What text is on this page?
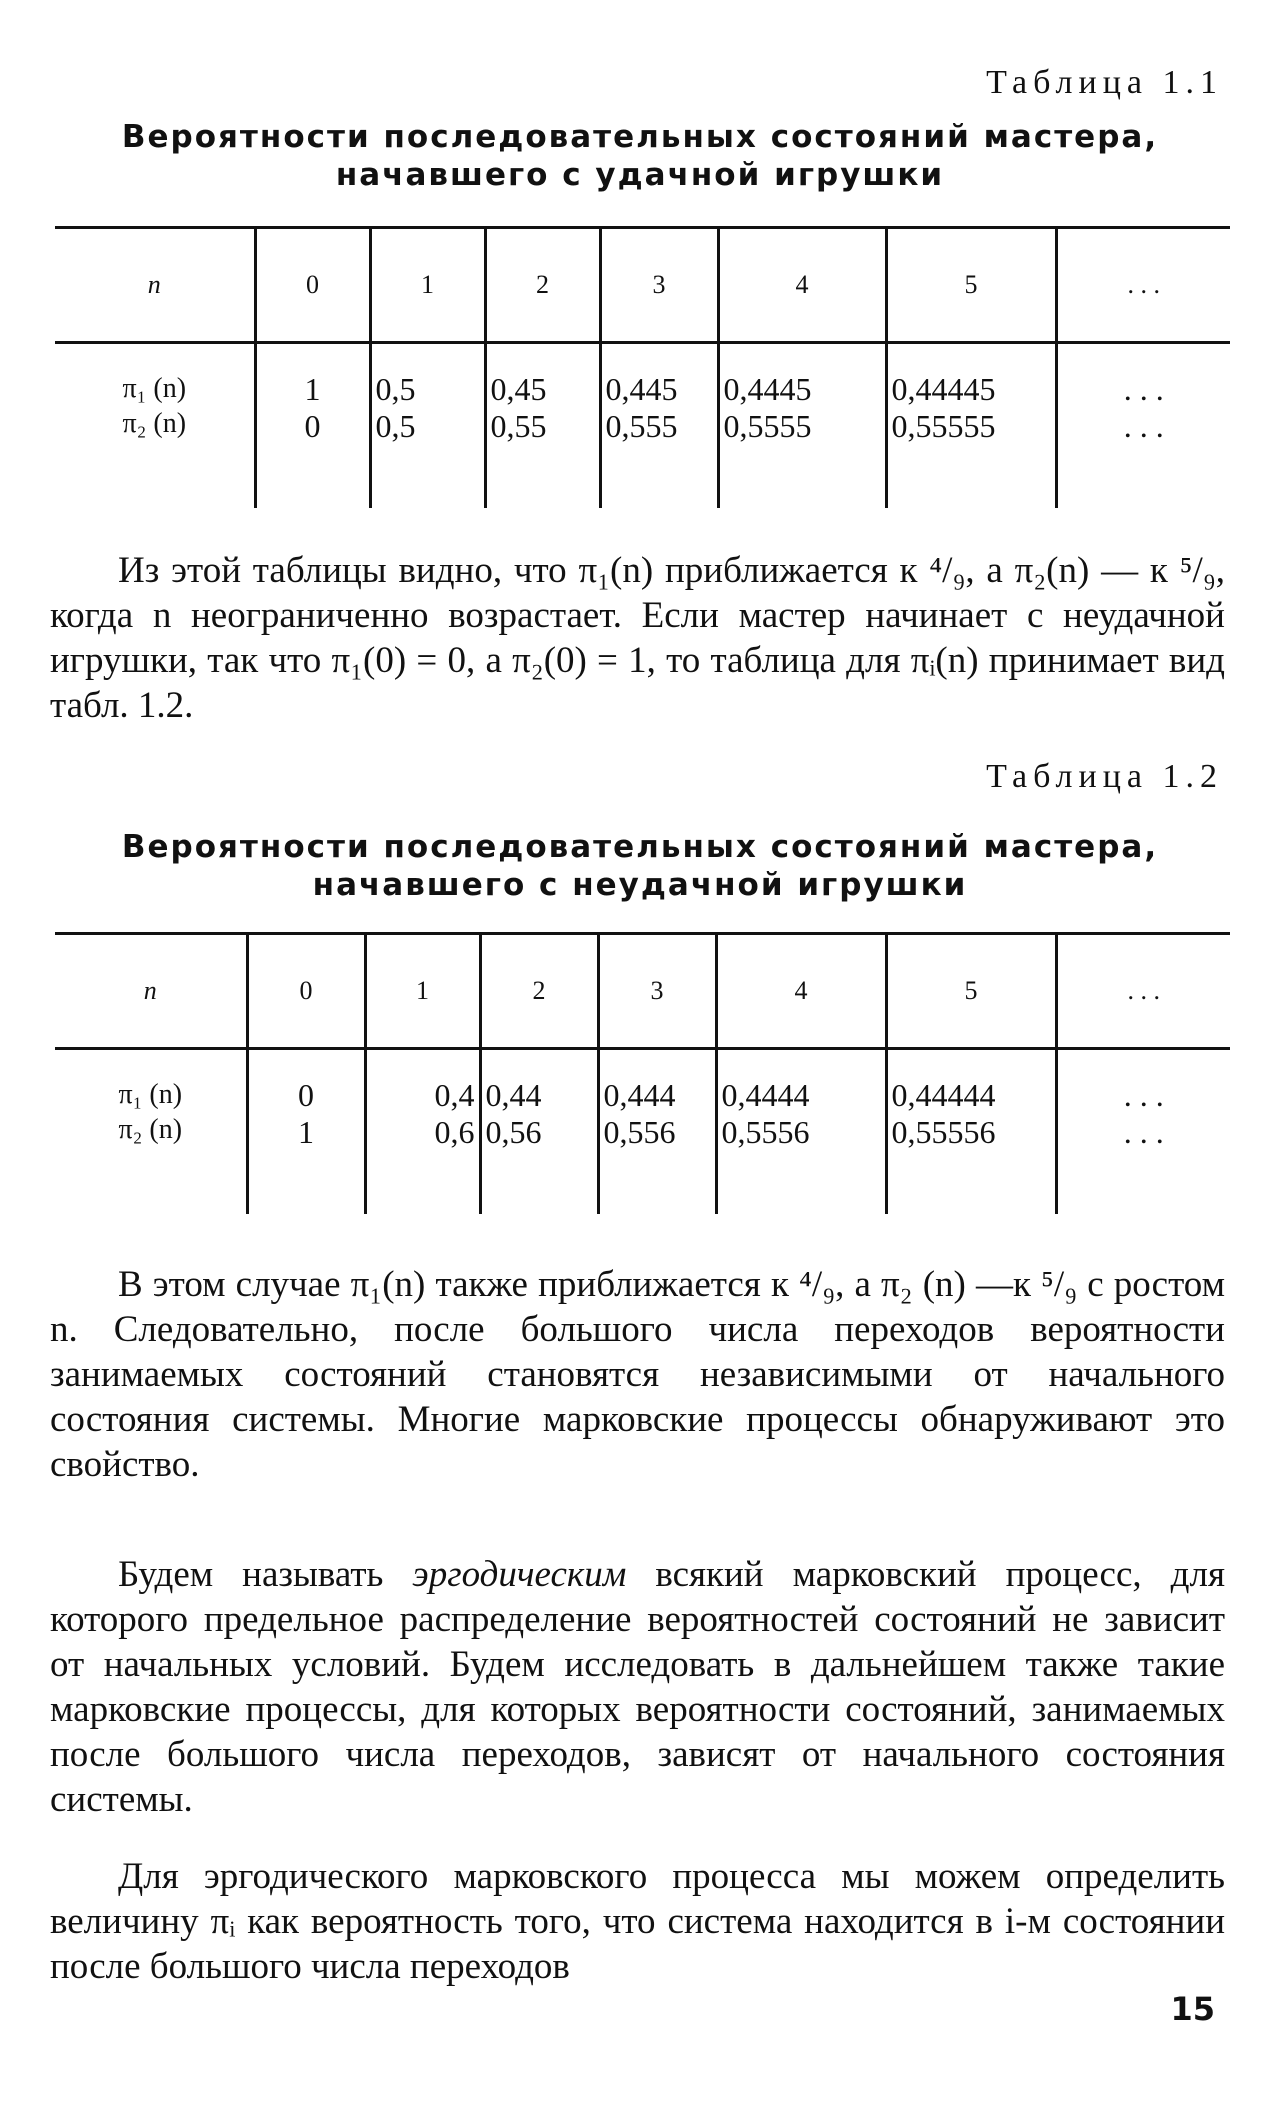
Таблица 1.1
Вероятности последовательных состояний мастера,
начавшего с удачной игрушки
n	0	1	2	3	4	5	. . .
π₁ (n)	1	0,5	0,45	0,445	0,4445	0,44445	. . .
π₂ (n)	0	0,5	0,55	0,555	0,5555	0,55555	. . .
Из этой таблицы видно, что π₁(n) приближается к ⁴/₉, а π₂(n) — к ⁵/₉, когда n неограниченно возрастает. Если мастер начинает с неудачной игрушки, так что π₁(0) = 0, а π₂(0) = 1, то таблица для πᵢ(n) принимает вид табл. 1.2.
Таблица 1.2
Вероятности последовательных состояний мастера,
начавшего с неудачной игрушки
n	0	1	2	3	4	5	. . .
π₁ (n)	0	0,4	0,44	0,444	0,4444	0,44444	. . .
π₂ (n)	1	0,6	0,56	0,556	0,5556	0,55556	. . .
В этом случае π₁(n) также приближается к ⁴/₉, а π₂ (n) —к ⁵/₉ с ростом n. Следовательно, после большого числа переходов вероятности занимаемых состояний становятся независимыми от начального состояния системы. Многие марковские процессы обнаруживают это свойство.
Будем называть эргодическим всякий марковский процесс, для которого предельное распределение вероятностей состояний не зависит от начальных условий. Будем исследовать в дальнейшем также такие марковские процессы, для которых вероятности состояний, занимаемых после большого числа переходов, зависят от начального состояния системы.
Для эргодического марковского процесса мы можем определить величину πᵢ как вероятность того, что система находится в i-м состоянии после большого числа переходов
15
